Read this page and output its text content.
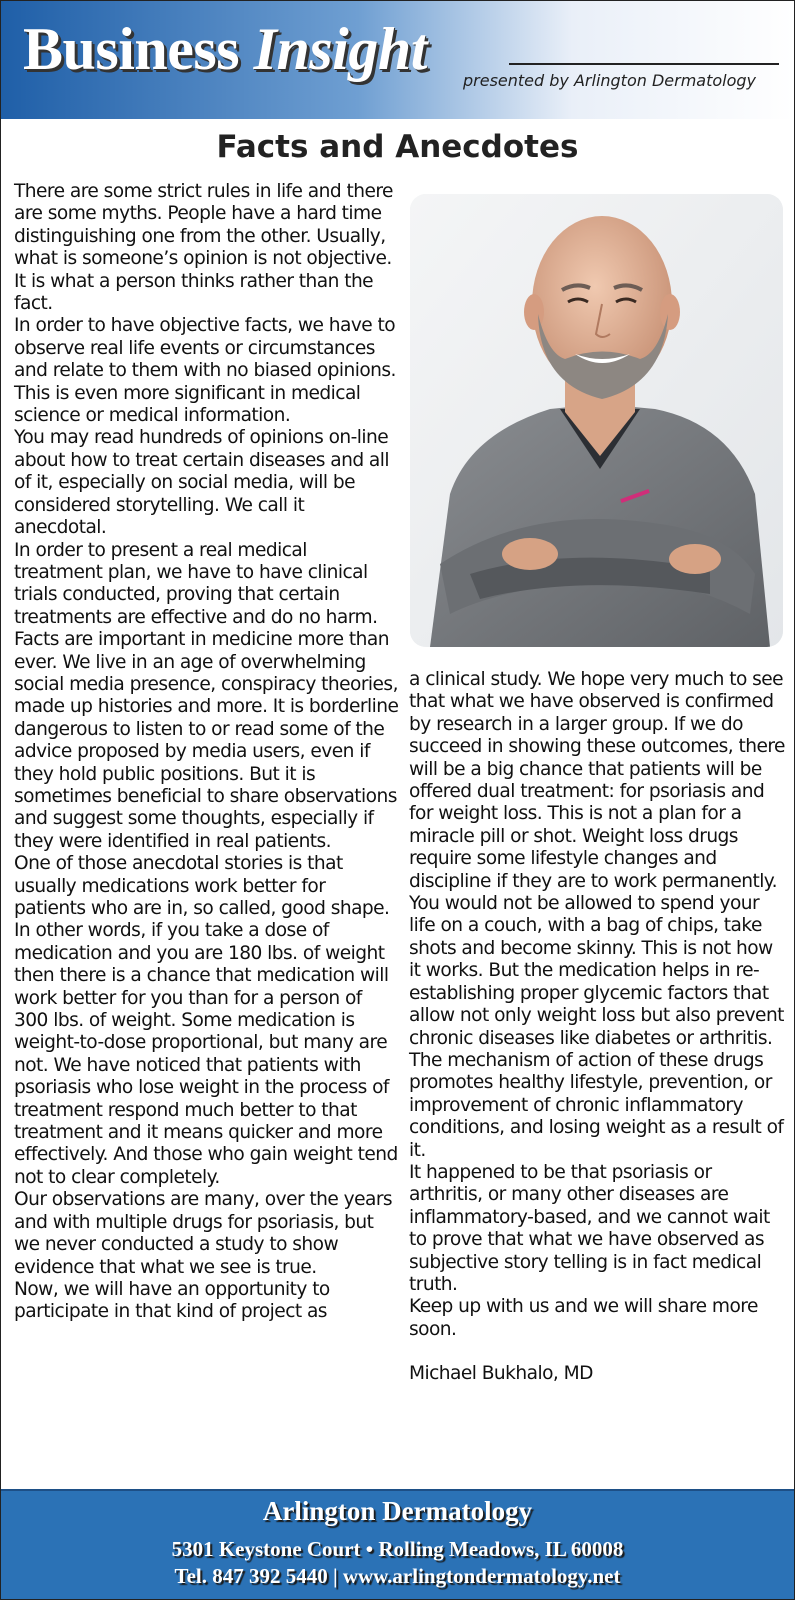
Business Insight presented by Arlington Dermatology
Facts and Anecdotes

There are some strict rules in life and there are some myths. People have a hard time distinguishing one from the other. Usually, what is someone’s opinion is not objective. It is what a person thinks rather than the fact.

In order to have objective facts, we have to observe real life events or circumstances and relate to them with no biased opinions. This is even more significant in medical science or medical information.

You may read hundreds of opinions on-line about how to treat certain diseases and all of it, especially on social media, will be considered storytelling. We call it anecdotal.

In order to present a real medical treatment plan, we have to have clinical trials conducted, proving that certain treatments are effective and do no harm.

Facts are important in medicine more than ever. We live in an age of overwhelming social media presence, conspiracy theories, made up histories and more. It is borderline dangerous to listen to or read some of the advice proposed by media users, even if they hold public positions. But it is sometimes beneficial to share observations and suggest some thoughts, especially if they were identified in real patients.

One of those anecdotal stories is that usually medications work better for patients who are in, so called, good shape. In other words, if you take a dose of medication and you are 180 lbs. of weight then there is a chance that medication will work better for you than for a person of 300 lbs. of weight. Some medication is weight-to-dose proportional, but many are not. We have noticed that patients with psoriasis who lose weight in the process of treatment respond much better to that treatment and it means quicker and more effectively. And those who gain weight tend not to clear completely.

Our observations are many, over the years and with multiple drugs for psoriasis, but we never conducted a study to show evidence that what we see is true.

Now, we will have an opportunity to participate in that kind of project as

a clinical study. We hope very much to see that what we have observed is confirmed by research in a larger group. If we do succeed in showing these outcomes, there will be a big chance that patients will be offered dual treatment: for psoriasis and for weight loss. This is not a plan for a miracle pill or shot. Weight loss drugs require some lifestyle changes and discipline if they are to work permanently. You would not be allowed to spend your life on a couch, with a bag of chips, take shots and become skinny. This is not how it works. But the medication helps in re-establishing proper glycemic factors that allow not only weight loss but also prevent chronic diseases like diabetes or arthritis.

The mechanism of action of these drugs promotes healthy lifestyle, prevention, or improvement of chronic inflammatory conditions, and losing weight as a result of it.

It happened to be that psoriasis or arthritis, or many other diseases are inflammatory-based, and we cannot wait to prove that what we have observed as subjective story telling is in fact medical truth.

Keep up with us and we will share more soon.

Michael Bukhalo, MD

Arlington Dermatology
5301 Keystone Court • Rolling Meadows, IL 60008
Tel. 847 392 5440 | www.arlingtondermatology.net
